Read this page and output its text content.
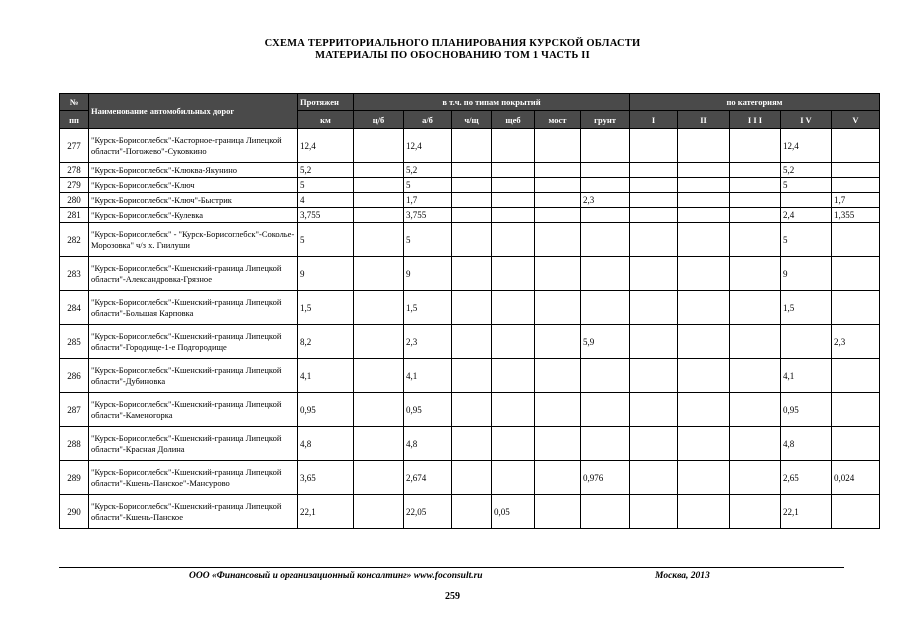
СХЕМА ТЕРРИТОРИАЛЬНОГО ПЛАНИРОВАНИЯ КУРСКОЙ ОБЛАСТИ
МАТЕРИАЛЫ ПО ОБОСНОВАНИЮ ТОМ 1 ЧАСТЬ II
№	Наименование автомобильных дорог	Протяжен	в т.ч. по типам покрытий						по категориям				
пп		км	ц/б	а/б	ч/щ	щеб	мост	грунт	I	II	I I I	I V	V
277	"Курск-Борисоглебск"-Касторное-граница Липецкой области"-Погожево"-Суковкино	12,4		12,4								12,4	
278	"Курск-Борисоглебск"-Клюква-Якунино	5,2		5,2								5,2	
279	"Курск-Борисоглебск"-Ключ	5		5								5	
280	"Курск-Борисоглебск"-Ключ"-Быстрик	4		1,7				2,3					1,7
281	"Курск-Борисоглебск"-Кулевка	3,755		3,755								2,4	1,355
282	"Курск-Борисоглебск" - "Курск-Борисоглебск"-Соколье-Морозовка" ч/з х. Гнилуши	5		5								5	
283	"Курск-Борисоглебск"-Кшенский-граница Липецкой области"-Александровка-Грязное	9		9								9	
284	"Курск-Борисоглебск"-Кшенский-граница Липецкой области"-Большая Карповка	1,5		1,5								1,5	
285	"Курск-Борисоглебск"-Кшенский-граница Липецкой области"-Городище-1-е Подгородище	8,2		2,3				5,9					2,3
286	"Курск-Борисоглебск"-Кшенский-граница Липецкой области"-Дубиновка	4,1		4,1								4,1	
287	"Курск-Борисоглебск"-Кшенский-граница Липецкой области"-Каменогорка	0,95		0,95								0,95	
288	"Курск-Борисоглебск"-Кшенский-граница Липецкой области"-Красная Долина	4,8		4,8								4,8	
289	"Курск-Борисоглебск"-Кшенский-граница Липецкой области"-Кшень-Панское"-Мансурово	3,65		2,674				0,976				2,65	0,024
290	"Курск-Борисоглебск"-Кшенский-граница Липецкой области"-Кшень-Панское	22,1		22,05		0,05						22,1	
ООО «Финансовый и организационный консалтинг» www.foconsult.ru	Москва, 2013
259
